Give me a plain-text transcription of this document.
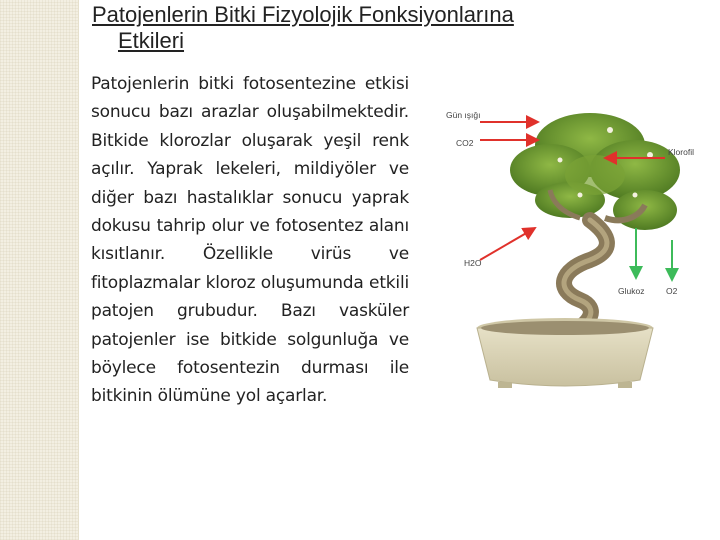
Patojenlerin Bitki Fizyolojik Fonksiyonlarına
Etkileri

Patojenlerin bitki fotosentezine etkisi sonucu bazı arazlar oluşabilmektedir. Bitkide klorozlar oluşarak yeşil renk açılır. Yaprak lekeleri, mildiyöler ve diğer bazı hastalıklar sonucu yaprak dokusu tahrip olur ve fotosentez alanı kısıtlanır. Özellikle virüs ve fitoplazmalar kloroz oluşumunda etkili patojen grubudur. Bazı vasküler patojenler ise bitkide solgunluğa ve böylece fotosentezin durması ile bitkinin ölümüne yol açarlar.

Gün ışığı
CO2
Klorofil
H2O
Glukoz	O2
